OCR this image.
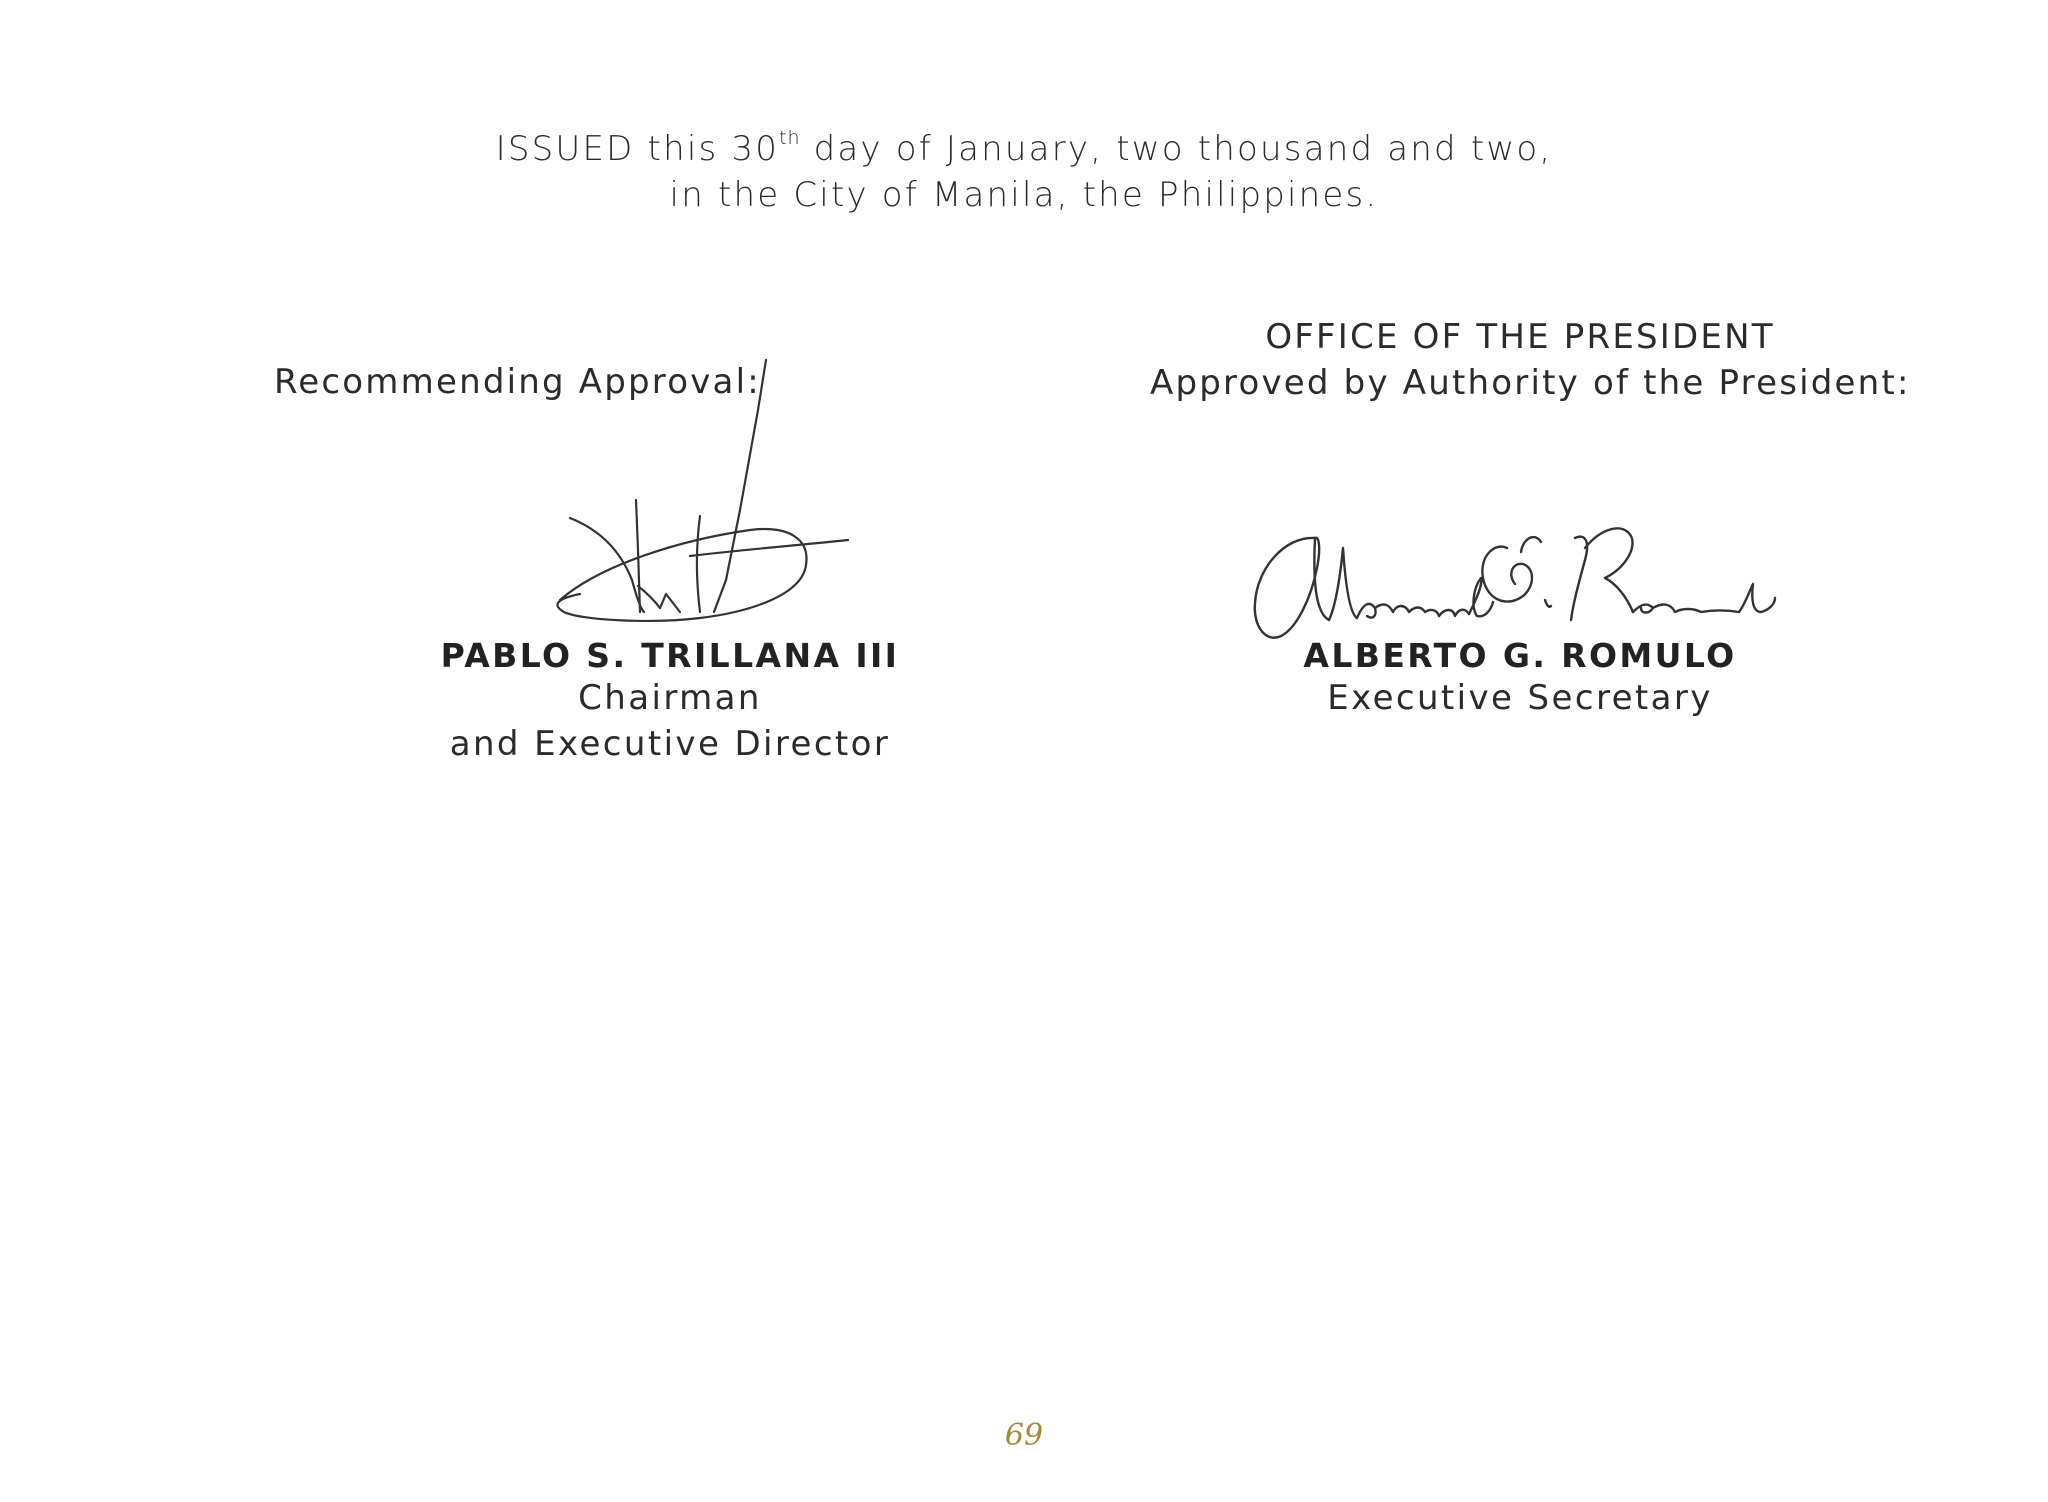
ISSUED this 30th day of January, two thousand and two,
in the City of Manila, the Philippines.
Recommending Approval:
OFFICE OF THE PRESIDENT
Approved by Authority of the President:
PABLO S. TRILLANA III
Chairman
and Executive Director
ALBERTO G. ROMULO
Executive Secretary
69
